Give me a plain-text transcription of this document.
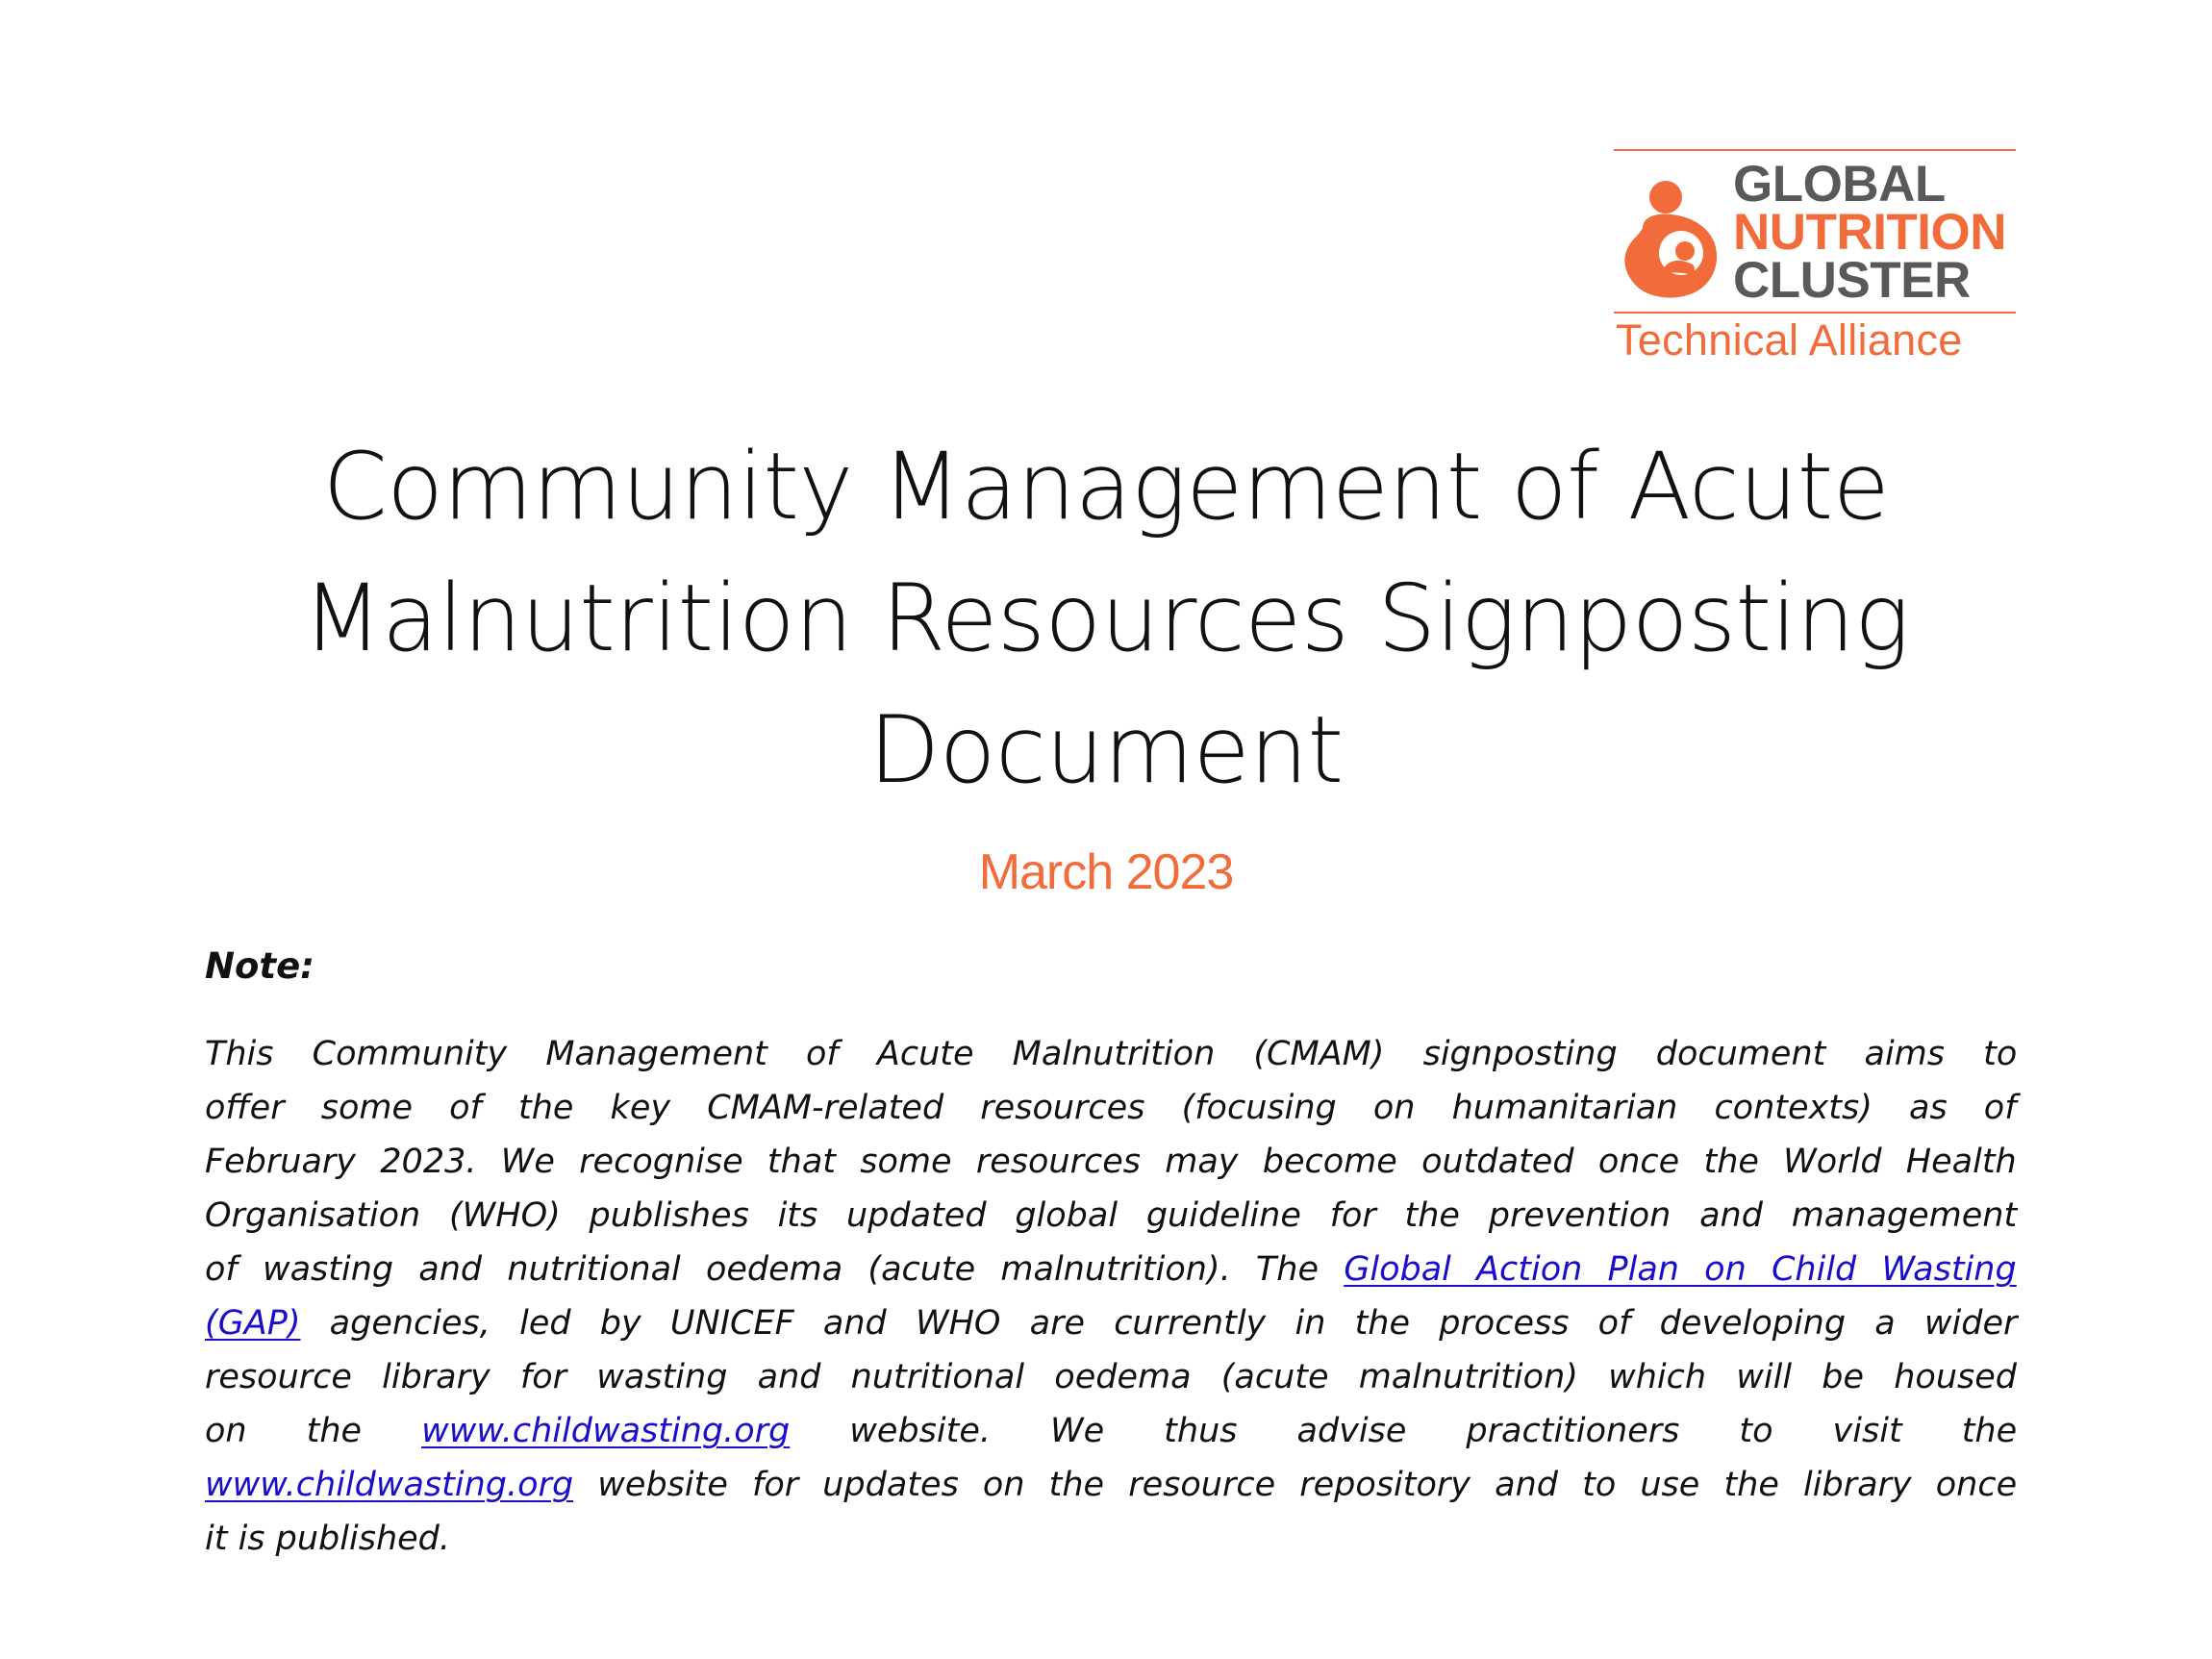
GLOBAL
NUTRITION
CLUSTER
Technical Alliance
Community Management of Acute
Malnutrition Resources Signposting
Document
March 2023
Note:
This Community Management of Acute Malnutrition (CMAM) signposting document aims to
offer some of the key CMAM-related resources (focusing on humanitarian contexts) as of
February 2023. We recognise that some resources may become outdated once the World Health
Organisation (WHO) publishes its updated global guideline for the prevention and management
of wasting and nutritional oedema (acute malnutrition). The Global Action Plan on Child Wasting
(GAP) agencies, led by UNICEF and WHO are currently in the process of developing a wider
resource library for wasting and nutritional oedema (acute malnutrition) which will be housed
on the www.childwasting.org website. We thus advise practitioners to visit the
www.childwasting.org website for updates on the resource repository and to use the library once
it is published.
